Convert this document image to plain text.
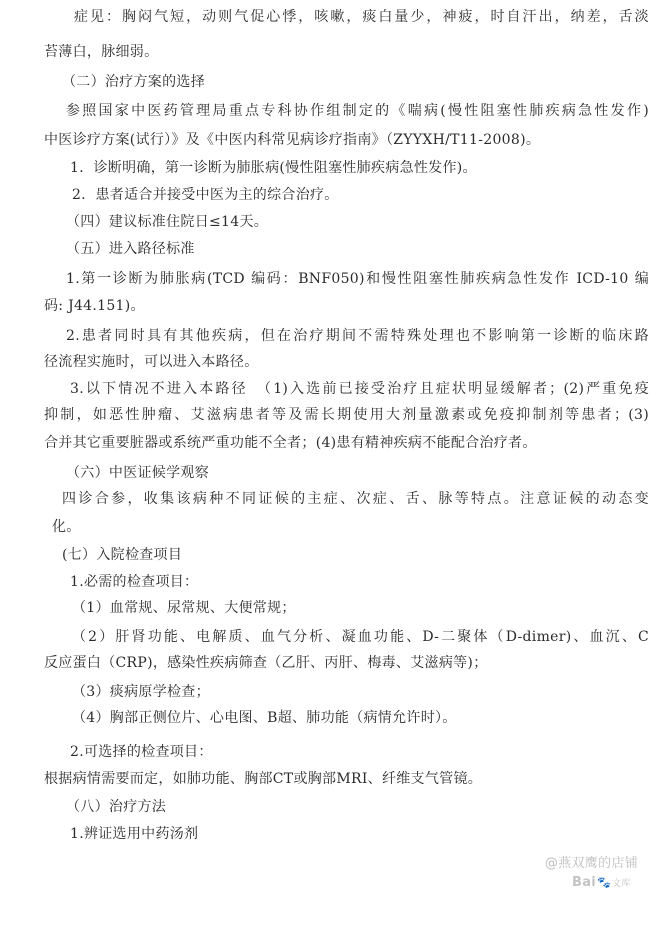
症见：胸闷气短，动则气促心悸，咳嗽，痰白量少，神疲，时自汗出，纳差，舌淡
苔薄白，脉细弱。
（二）治疗方案的选择
参照国家中医药管理局重点专科协作组制定的《喘病(慢性阻塞性肺疾病急性发作)
中医诊疗方案(试行）》及《中医内科常见病诊疗指南》（ZYYXH/T11-2008)。
1．诊断明确，第一诊断为肺胀病(慢性阻塞性肺疾病急性发作)。
2．患者适合并接受中医为主的综合治疗。
（四）建议标准住院日≤14天。
（五）进入路径标准
1.第一诊断为肺胀病(TCD 编码：BNF050)和慢性阻塞性肺疾病急性发作 ICD-10 编
码: J44.151)。
2.患者同时具有其他疾病，但在治疗期间不需特殊处理也不影响第一诊断的临床路
径流程实施时，可以进入本路径。
3.以下情况不进入本路径　（1)入选前已接受治疗且症状明显缓解者；(2)严重免疫
抑制，如恶性肿瘤、艾滋病患者等及需长期使用大剂量激素或免疫抑制剂等患者；(3)
合并其它重要脏器或系统严重功能不全者；(4)患有精神疾病不能配合治疗者。
（六）中医证候学观察
四诊合参，收集该病种不同证候的主症、次症、舌、脉等特点。注意证候的动态变
化。
(七）入院检查项目
1.必需的检查项目：
（1）血常规、尿常规、大便常规；
（2）肝肾功能、电解质、血气分析、凝血功能、D-二聚体（D-dimer)、血沉、C
反应蛋白（CRP)，感染性疾病筛查（乙肝、丙肝、梅毒、艾滋病等)；
（3）痰病原学检查；
（4）胸部正侧位片、心电图、B超、肺功能（病情允许时）。
2.可选择的检查项目：
根据病情需要而定，如肺功能、胸部CT或胸部MRI、纤维支气管镜。
（八）治疗方法
1.辨证选用中药汤剂
@燕双鹰的店铺
Bai 🐾 文库
